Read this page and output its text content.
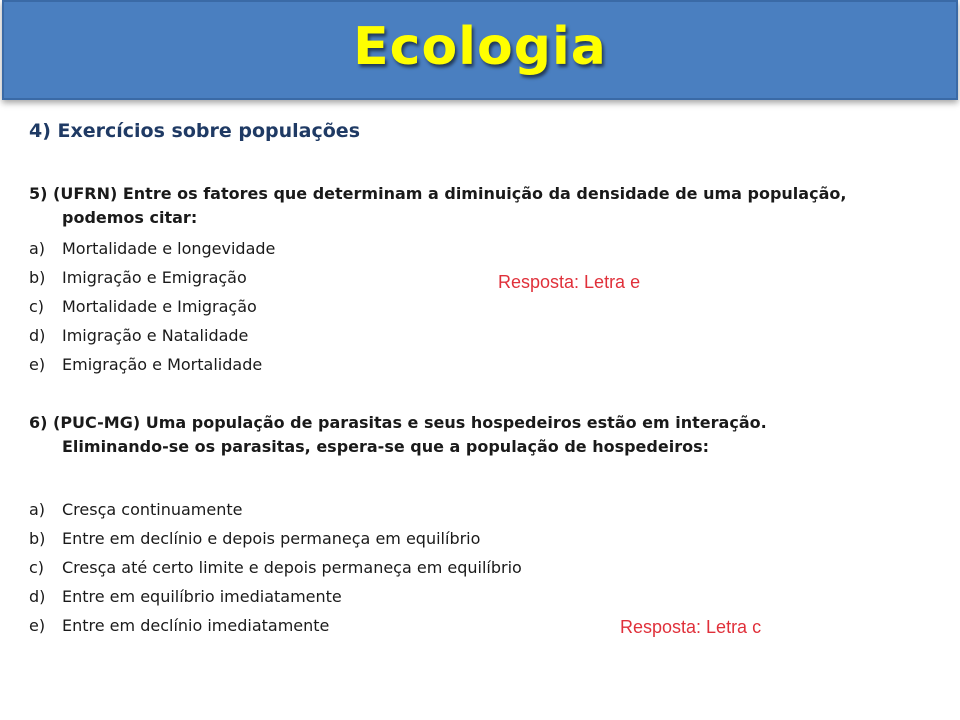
Ecologia
4) Exercícios sobre populações
5) (UFRN) Entre os fatores que determinam a diminuição da densidade de uma população,
podemos citar:
a)	Mortalidade e longevidade
b)	Imigração e Emigração
c)	Mortalidade e Imigração
d)	Imigração e Natalidade
e)	Emigração e Mortalidade
Resposta: Letra e
6) (PUC-MG) Uma população de parasitas e seus hospedeiros estão em interação.
Eliminando-se os parasitas, espera-se que a população de hospedeiros:
a)	Cresça continuamente
b)	Entre em declínio e depois permaneça em equilíbrio
c)	Cresça até certo limite e depois permaneça em equilíbrio
d)	Entre em equilíbrio imediatamente
e)	Entre em declínio imediatamente	Resposta: Letra c
